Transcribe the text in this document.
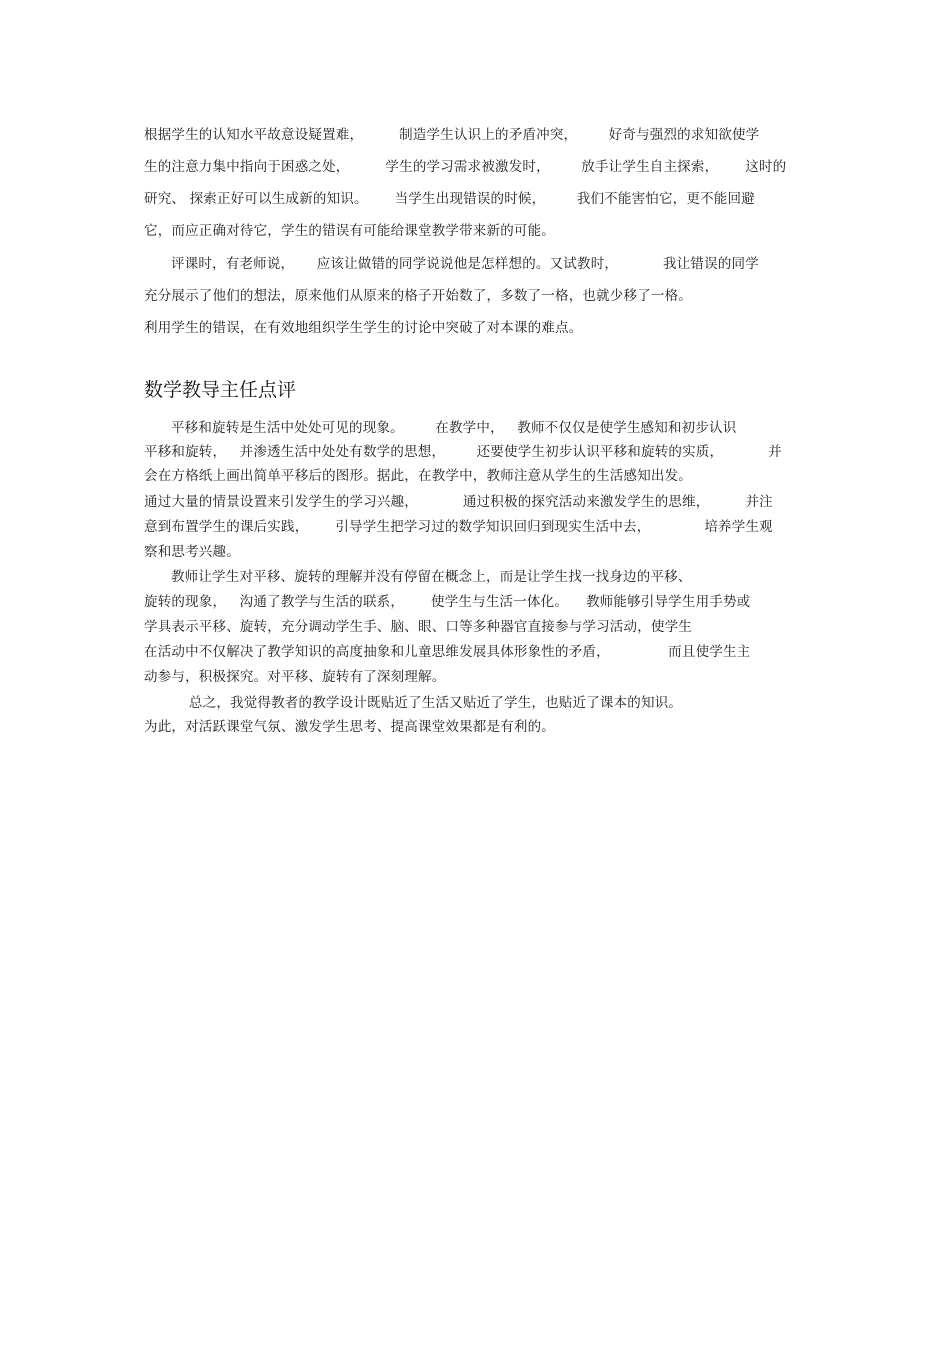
根据学生的认知水平故意设疑置难，        制造学生认识上的矛盾冲突，       好奇与强烈的求知欲使学
生的注意力集中指向于困惑之处，        学生的学习需求被激发时，       放手让学生自主探索，      这时的
研究、 探索正好可以生成新的知识。      当学生出现错误的时候，       我们不能害怕它，更不能回避
它，而应正确对待它，学生的错误有可能给课堂教学带来新的可能。
评课时，有老师说，     应该让做错的同学说说他是怎样想的。又试教时，          我让错误的同学
充分展示了他们的想法，原来他们从原来的格子开始数了，多数了一格，也就少移了一格。
利用学生的错误，在有效地组织学生学生的讨论中突破了对本课的难点。
数学教导主任点评
平移和旋转是生活中处处可见的现象。       在教学中，   教师不仅仅是使学生感知和初步认识
平移和旋转，   并渗透生活中处处有数学的思想，       还要使学生初步认识平移和旋转的实质，          并
会在方格纸上画出简单平移后的图形。据此，在教学中，教师注意从学生的生活感知出发。
通过大量的情景设置来引发学生的学习兴趣，          通过积极的探究活动来激发学生的思维，        并注
意到布置学生的课后实践，      引导学生把学习过的数学知识回归到现实生活中去，            培养学生观
察和思考兴趣。
教师让学生对平移、旋转的理解并没有停留在概念上，而是让学生找一找身边的平移、
旋转的现象，   沟通了教学与生活的联系，      使学生与生活一体化。    教师能够引导学生用手势或
学具表示平移、旋转，充分调动学生手、脑、眼、口等多种器官直接参与学习活动，使学生
在活动中不仅解决了教学知识的高度抽象和儿童思维发展具体形象性的矛盾，             而且使学生主
动参与，积极探究。对平移、旋转有了深刻理解。
总之，我觉得教者的教学设计既贴近了生活又贴近了学生，也贴近了课本的知识。
为此，对活跃课堂气氛、激发学生思考、提高课堂效果都是有利的。
